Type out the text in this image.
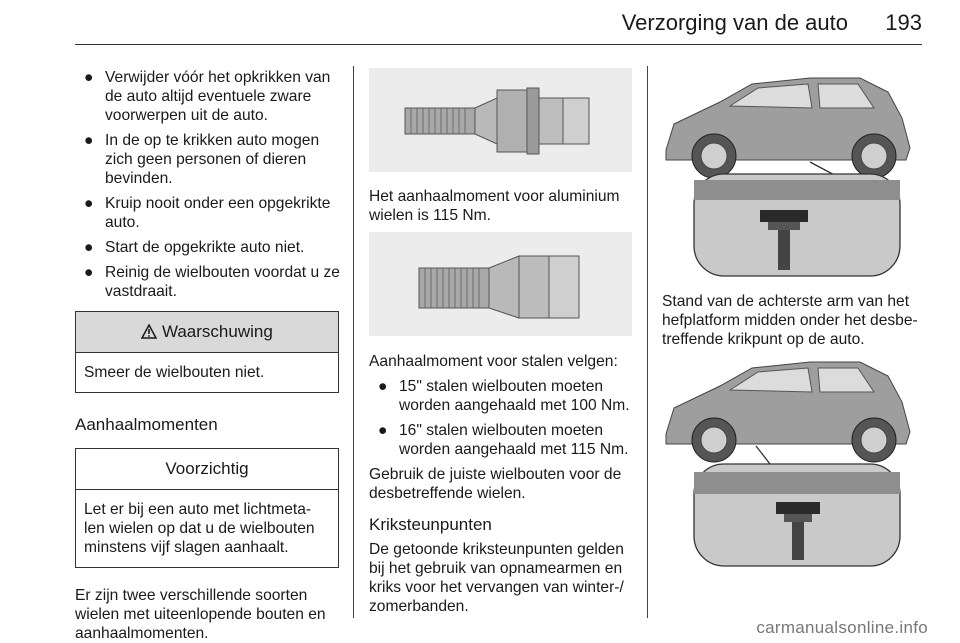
Verzorging van de auto 193
● Verwijder vóór het opkrikken van de auto altijd eventuele zware voorwerpen uit de auto.
● In de op te krikken auto mogen zich geen personen of dieren bevinden.
● Kruip nooit onder een opgekrikte auto.
● Start de opgekrikte auto niet.
● Reinig de wielbouten voordat u ze vastdraait.
Waarschuwing
Smeer de wielbouten niet.
Aanhaalmomenten
Voorzichtig
Let er bij een auto met lichtmeta-len wielen op dat u de wielbouten minstens vijf slagen aanhaalt.
Er zijn twee verschillende soorten wielen met uiteenlopende bouten en aanhaalmomenten.
Het aanhaalmoment voor aluminium wielen is 115 Nm.
Aanhaalmoment voor stalen velgen:
● 15" stalen wielbouten moeten worden aangehaald met 100 Nm.
● 16" stalen wielbouten moeten worden aangehaald met 115 Nm.
Gebruik de juiste wielbouten voor de desbetreffende wielen.
Kriksteunpunten
De getoonde kriksteunpunten gelden bij het gebruik van opnamearmen en kriks voor het vervangen van winter-/ zomerbanden.
Stand van de achterste arm van het hefplatform midden onder het desbe-treffende krikpunt op de auto.
carmanualsonline.info
